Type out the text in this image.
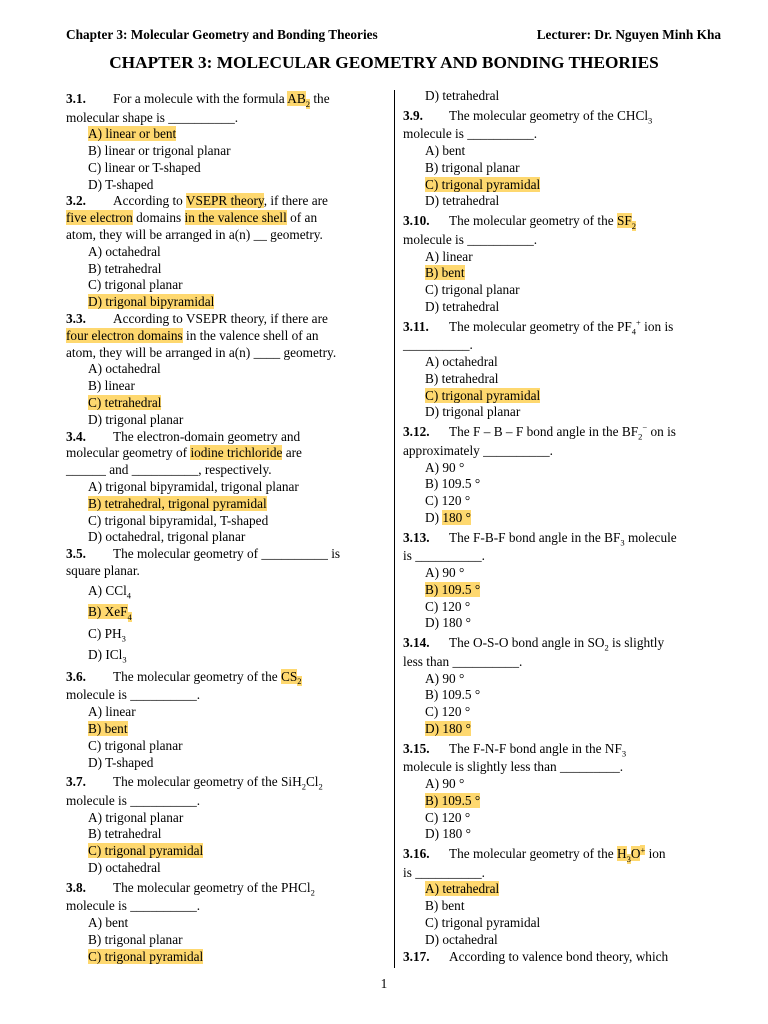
Chapter 3: Molecular Geometry and Bonding Theories	Lecturer: Dr. Nguyen Minh Kha
CHAPTER 3: MOLECULAR GEOMETRY AND BONDING THEORIES
3.1. For a molecule with the formula $AB_2$ the
molecular shape is __________.
A) linear or bent
B) linear or trigonal planar
C) linear or T-shaped
D) T-shaped
3.2. According to VSEPR theory, if there are
five electron domains in the valence shell of an
atom, they will be arranged in a(n) __ geometry.
A) octahedral
B) tetrahedral
C) trigonal planar
D) trigonal bipyramidal
3.3. According to VSEPR theory, if there are
four electron domains in the valence shell of an
atom, they will be arranged in a(n) ____ geometry.
A) octahedral
B) linear
C) tetrahedral
D) trigonal planar
3.4. The electron-domain geometry and
molecular geometry of iodine trichloride are
______ and __________, respectively.
A) trigonal bipyramidal, trigonal planar
B) tetrahedral, trigonal pyramidal
C) trigonal bipyramidal, T-shaped
D) octahedral, trigonal planar
3.5. The molecular geometry of __________ is
square planar.
A) CCl$_4$
B) XeF$_4$
C) $PH_3$
D) ICl$_3$
3.6. The molecular geometry of the $CS_2$
molecule is __________.
A) linear
B) bent
C) trigonal planar
D) T-shaped
3.7. The molecular geometry of the $SiH_2Cl_2$
molecule is __________.
A) trigonal planar
B) tetrahedral
C) trigonal pyramidal
D) octahedral
3.8. The molecular geometry of the PHCl$_2$
molecule is __________.
A) bent
B) trigonal planar
C) trigonal pyramidal
D) tetrahedral
3.9. The molecular geometry of the CHCl$_3$
molecule is __________.
A) bent
B) trigonal planar
C) trigonal pyramidal
D) tetrahedral
3.10. The molecular geometry of the $SF_2$
molecule is __________.
A) linear
B) bent
C) trigonal planar
D) tetrahedral
3.11. The molecular geometry of the $PF_4^+$ ion is
__________.
A) octahedral
B) tetrahedral
C) trigonal pyramidal
D) trigonal planar
3.12. The F – B – F bond angle in the $BF_2^-$ on is
approximately __________.
A) 90 °
B) 109.5 °
C) 120 °
D) 180 °
3.13. The F-B-F bond angle in the $BF_3$ molecule
is __________.
A) 90 °
B) 109.5 °
C) 120 °
D) 180 °
3.14. The O-S-O bond angle in $SO_2$ is slightly
less than __________.
A) 90 °
B) 109.5 °
C) 120 °
D) 180 °
3.15. The F-N-F bond angle in the $NF_3$
molecule is slightly less than _________.
A) 90 °
B) 109.5 °
C) 120 °
D) 180 °
3.16. The molecular geometry of the $H_3O^+$ ion
is __________.
A) tetrahedral
B) bent
C) trigonal pyramidal
D) octahedral
3.17. According to valence bond theory, which
1
